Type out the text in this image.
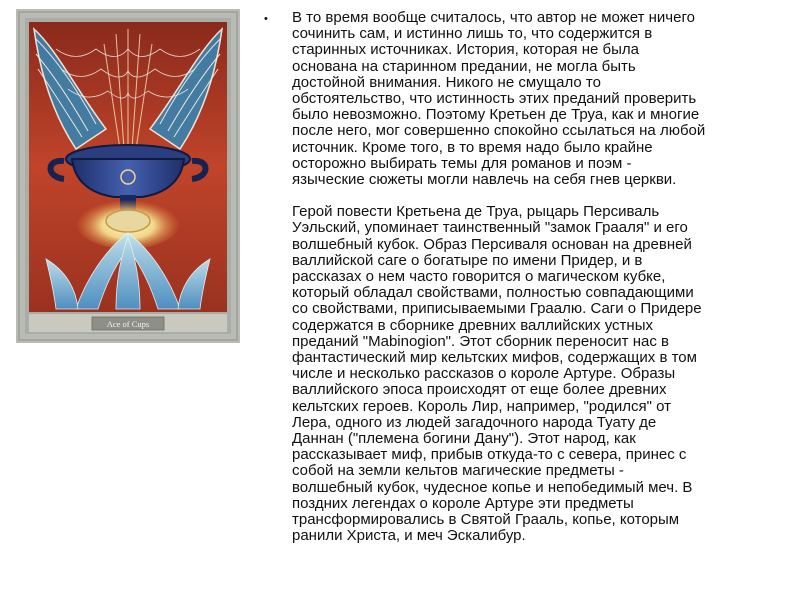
Ace of Cups
• В то время вообще считалось, что автор не может ничего
сочинить сам, и истинно лишь то, что содержится в
старинных источниках. История, которая не была
основана на старинном предании, не могла быть
достойной внимания. Никого не смущало то
обстоятельство, что истинность этих преданий проверить
было невозможно. Поэтому Кретьен де Труа, как и многие
после него, мог совершенно спокойно ссылаться на любой
источник. Кроме того, в то время надо было крайне
осторожно выбирать темы для романов и поэм -
языческие сюжеты могли навлечь на себя гнев церкви.

Герой повести Кретьена де Труа, рыцарь Персиваль
Уэльский, упоминает таинственный "замок Грааля" и его
волшебный кубок. Образ Персиваля основан на древней
валлийской саге о богатыре по имени Придер, и в
рассказах о нем часто говорится о магическом кубке,
который обладал свойствами, полностью совпадающими
со свойствами, приписываемыми Граалю. Саги о Придере
содержатся в сборнике древних валлийских устных
преданий "Mabinogion". Этот сборник переносит нас в
фантастический мир кельтских мифов, содержащих в том
числе и несколько рассказов о короле Артуре. Образы
валлийского эпоса происходят от еще более древних
кельтских героев. Король Лир, например, "родился" от
Лера, одного из людей загадочного народа Туату де
Даннан ("племена богини Дану"). Этот народ, как
рассказывает миф, прибыв откуда-то с севера, принес с
собой на земли кельтов магические предметы -
волшебный кубок, чудесное копье и непобедимый меч. В
поздних легендах о короле Артуре эти предметы
трансформировались в Святой Грааль, копье, которым
ранили Христа, и меч Эскалибур.
